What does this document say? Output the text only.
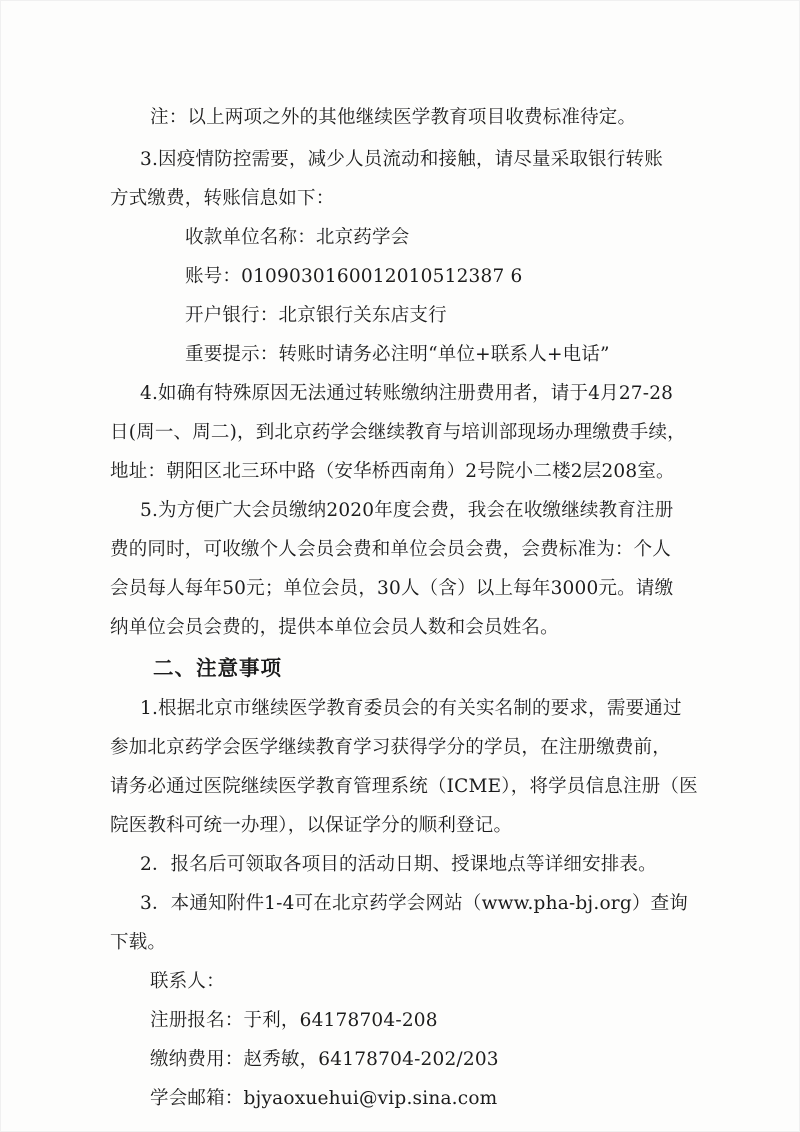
注：以上两项之外的其他继续医学教育项目收费标准待定。
3.因疫情防控需要，减少人员流动和接触，请尽量采取银行转账
方式缴费，转账信息如下：
收款单位名称：北京药学会
账号：0109030160012010512387 6
开户银行：北京银行关东店支行
重要提示：转账时请务必注明“单位+联系人+电话”
4.如确有特殊原因无法通过转账缴纳注册费用者，请于4月27-28
日(周一、周二)，到北京药学会继续教育与培训部现场办理缴费手续，
地址：朝阳区北三环中路（安华桥西南角）2号院小二楼2层208室。
5.为方便广大会员缴纳2020年度会费，我会在收缴继续教育注册
费的同时，可收缴个人会员会费和单位会员会费，会费标准为：个人
会员每人每年50元；单位会员，30人（含）以上每年3000元。请缴
纳单位会员会费的，提供本单位会员人数和会员姓名。
二、注意事项
1.根据北京市继续医学教育委员会的有关实名制的要求，需要通过
参加北京药学会医学继续教育学习获得学分的学员，在注册缴费前，
请务必通过医院继续医学教育管理系统（ICME），将学员信息注册（医
院医教科可统一办理），以保证学分的顺利登记。
2．报名后可领取各项目的活动日期、授课地点等详细安排表。
3．本通知附件1-4可在北京药学会网站（www.pha-bj.org）查询
下载。
联系人：
注册报名：于利，64178704-208
缴纳费用：赵秀敏，64178704-202/203
学会邮箱：bjyaoxuehui@vip.sina.com
